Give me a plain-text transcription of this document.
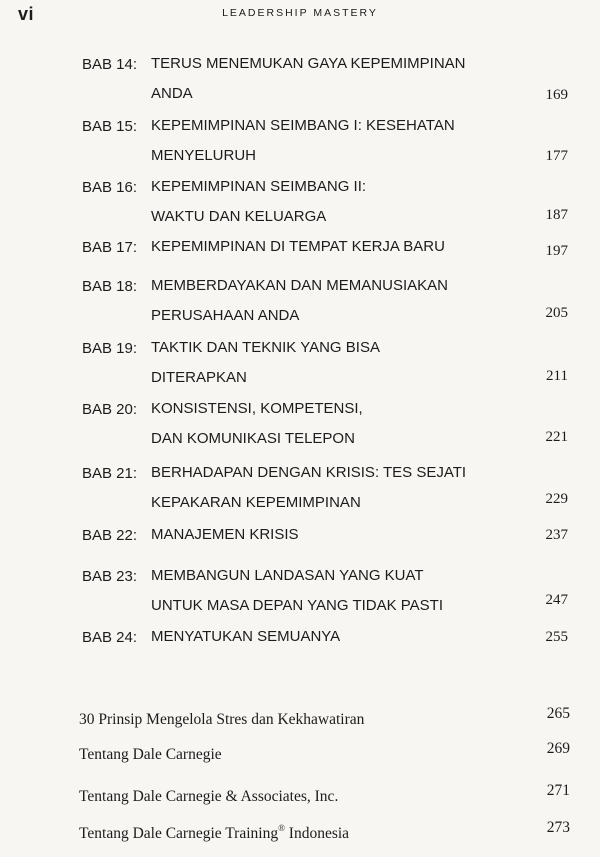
vi	LEADERSHIP MASTERY
BAB 14: TERUS MENEMUKAN GAYA KEPEMIMPINAN
ANDA	169
BAB 15: KEPEMIMPINAN SEIMBANG I: KESEHATAN
MENYELURUH	177
BAB 16: KEPEMIMPINAN SEIMBANG II:
WAKTU DAN KELUARGA	187
BAB 17: KEPEMIMPINAN DI TEMPAT KERJA BARU	197
BAB 18: MEMBERDAYAKAN DAN MEMANUSIAKAN
PERUSAHAAN ANDA	205
BAB 19: TAKTIK DAN TEKNIK YANG BISA
DITERAPKAN	211
BAB 20: KONSISTENSI, KOMPETENSI,
DAN KOMUNIKASI TELEPON	221
BAB 21: BERHADAPAN DENGAN KRISIS: TES SEJATI
KEPAKARAN KEPEMIMPINAN	229
BAB 22: MANAJEMEN KRISIS	237
BAB 23: MEMBANGUN LANDASAN YANG KUAT
UNTUK MASA DEPAN YANG TIDAK PASTI	247
BAB 24: MENYATUKAN SEMUANYA	255
30 Prinsip Mengelola Stres dan Kekhawatiran	265
Tentang Dale Carnegie	269
Tentang Dale Carnegie & Associates, Inc.	271
Tentang Dale Carnegie Training® Indonesia	273
